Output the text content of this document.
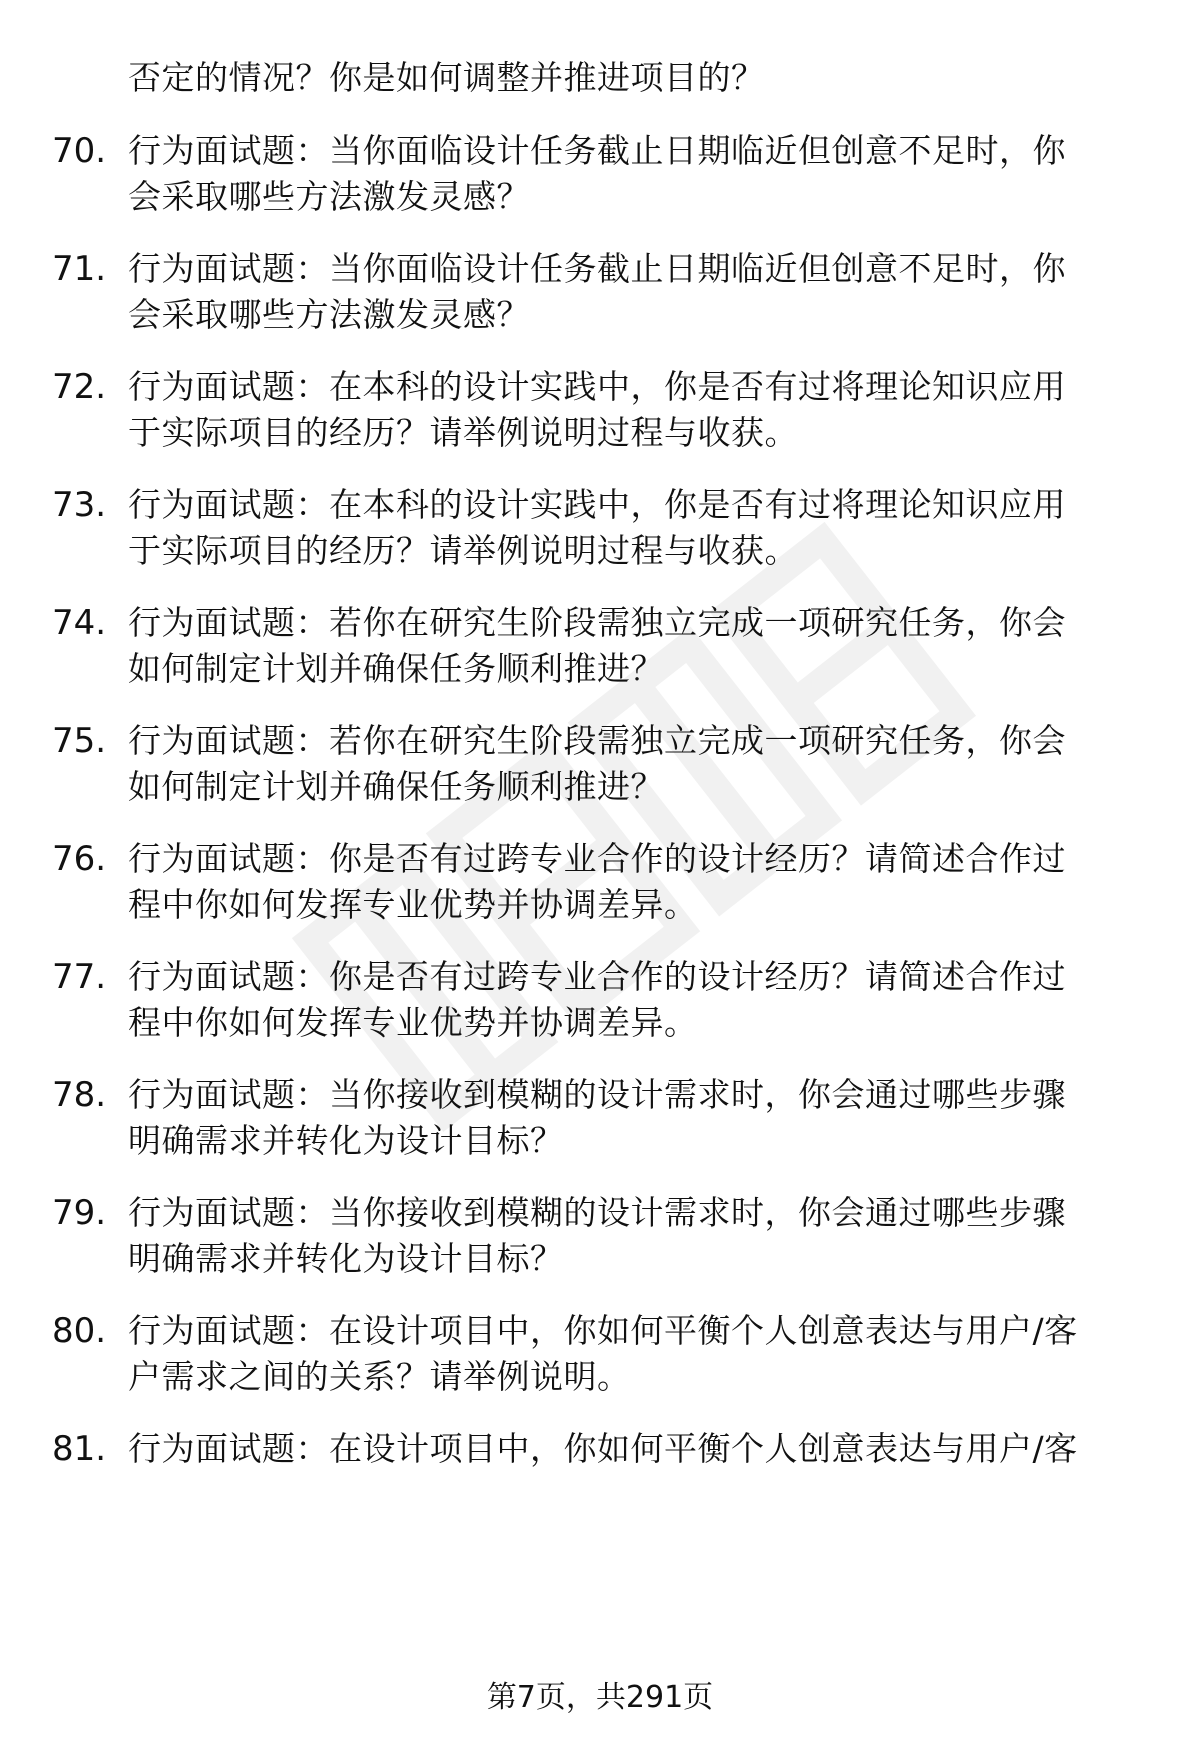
否定的情况？你是如何调整并推进项目的？
70. 行为面试题：当你面临设计任务截止日期临近但创意不足时，你
会采取哪些方法激发灵感？
71. 行为面试题：当你面临设计任务截止日期临近但创意不足时，你
会采取哪些方法激发灵感？
72. 行为面试题：在本科的设计实践中，你是否有过将理论知识应用
于实际项目的经历？请举例说明过程与收获。
73. 行为面试题：在本科的设计实践中，你是否有过将理论知识应用
于实际项目的经历？请举例说明过程与收获。
74. 行为面试题：若你在研究生阶段需独立完成一项研究任务，你会
如何制定计划并确保任务顺利推进？
75. 行为面试题：若你在研究生阶段需独立完成一项研究任务，你会
如何制定计划并确保任务顺利推进？
76. 行为面试题：你是否有过跨专业合作的设计经历？请简述合作过
程中你如何发挥专业优势并协调差异。
77. 行为面试题：你是否有过跨专业合作的设计经历？请简述合作过
程中你如何发挥专业优势并协调差异。
78. 行为面试题：当你接收到模糊的设计需求时，你会通过哪些步骤
明确需求并转化为设计目标？
79. 行为面试题：当你接收到模糊的设计需求时，你会通过哪些步骤
明确需求并转化为设计目标？
80. 行为面试题：在设计项目中，你如何平衡个人创意表达与用户/客
户需求之间的关系？请举例说明。
81. 行为面试题：在设计项目中，你如何平衡个人创意表达与用户/客
第7页，共291页
